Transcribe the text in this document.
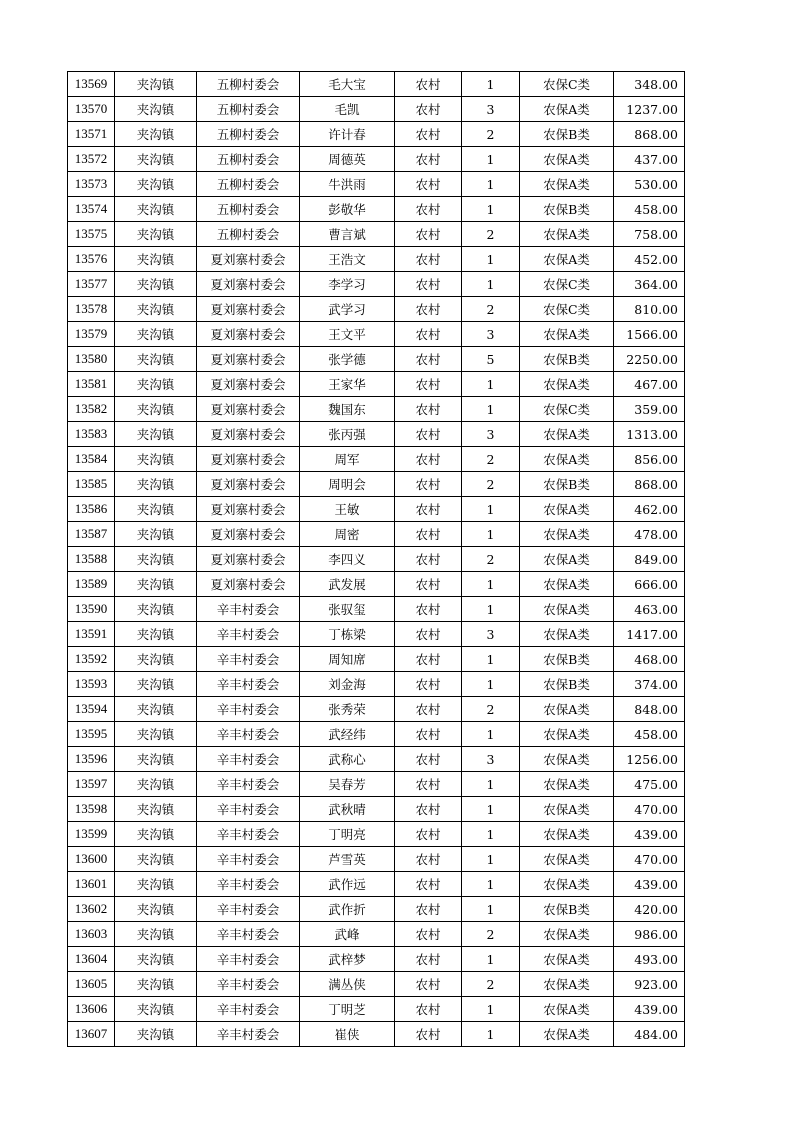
13569	夹沟镇	五柳村委会	毛大宝	农村	1	农保C类	348.00
13570	夹沟镇	五柳村委会	毛凯	农村	3	农保A类	1237.00
13571	夹沟镇	五柳村委会	许计春	农村	2	农保B类	868.00
13572	夹沟镇	五柳村委会	周德英	农村	1	农保A类	437.00
13573	夹沟镇	五柳村委会	牛洪雨	农村	1	农保A类	530.00
13574	夹沟镇	五柳村委会	彭敬华	农村	1	农保B类	458.00
13575	夹沟镇	五柳村委会	曹言斌	农村	2	农保A类	758.00
13576	夹沟镇	夏刘寨村委会	王浩文	农村	1	农保A类	452.00
13577	夹沟镇	夏刘寨村委会	李学习	农村	1	农保C类	364.00
13578	夹沟镇	夏刘寨村委会	武学习	农村	2	农保C类	810.00
13579	夹沟镇	夏刘寨村委会	王文平	农村	3	农保A类	1566.00
13580	夹沟镇	夏刘寨村委会	张学德	农村	5	农保B类	2250.00
13581	夹沟镇	夏刘寨村委会	王家华	农村	1	农保A类	467.00
13582	夹沟镇	夏刘寨村委会	魏国东	农村	1	农保C类	359.00
13583	夹沟镇	夏刘寨村委会	张丙强	农村	3	农保A类	1313.00
13584	夹沟镇	夏刘寨村委会	周军	农村	2	农保A类	856.00
13585	夹沟镇	夏刘寨村委会	周明会	农村	2	农保B类	868.00
13586	夹沟镇	夏刘寨村委会	王敏	农村	1	农保A类	462.00
13587	夹沟镇	夏刘寨村委会	周密	农村	1	农保A类	478.00
13588	夹沟镇	夏刘寨村委会	李四义	农村	2	农保A类	849.00
13589	夹沟镇	夏刘寨村委会	武发展	农村	1	农保A类	666.00
13590	夹沟镇	辛丰村委会	张驭玺	农村	1	农保A类	463.00
13591	夹沟镇	辛丰村委会	丁栋梁	农村	3	农保A类	1417.00
13592	夹沟镇	辛丰村委会	周知席	农村	1	农保B类	468.00
13593	夹沟镇	辛丰村委会	刘金海	农村	1	农保B类	374.00
13594	夹沟镇	辛丰村委会	张秀荣	农村	2	农保A类	848.00
13595	夹沟镇	辛丰村委会	武经纬	农村	1	农保A类	458.00
13596	夹沟镇	辛丰村委会	武称心	农村	3	农保A类	1256.00
13597	夹沟镇	辛丰村委会	吴春芳	农村	1	农保A类	475.00
13598	夹沟镇	辛丰村委会	武秋晴	农村	1	农保A类	470.00
13599	夹沟镇	辛丰村委会	丁明亮	农村	1	农保A类	439.00
13600	夹沟镇	辛丰村委会	芦雪英	农村	1	农保A类	470.00
13601	夹沟镇	辛丰村委会	武作远	农村	1	农保A类	439.00
13602	夹沟镇	辛丰村委会	武作折	农村	1	农保B类	420.00
13603	夹沟镇	辛丰村委会	武峰	农村	2	农保A类	986.00
13604	夹沟镇	辛丰村委会	武梓梦	农村	1	农保A类	493.00
13605	夹沟镇	辛丰村委会	满丛侠	农村	2	农保A类	923.00
13606	夹沟镇	辛丰村委会	丁明芝	农村	1	农保A类	439.00
13607	夹沟镇	辛丰村委会	崔侠	农村	1	农保A类	484.00
